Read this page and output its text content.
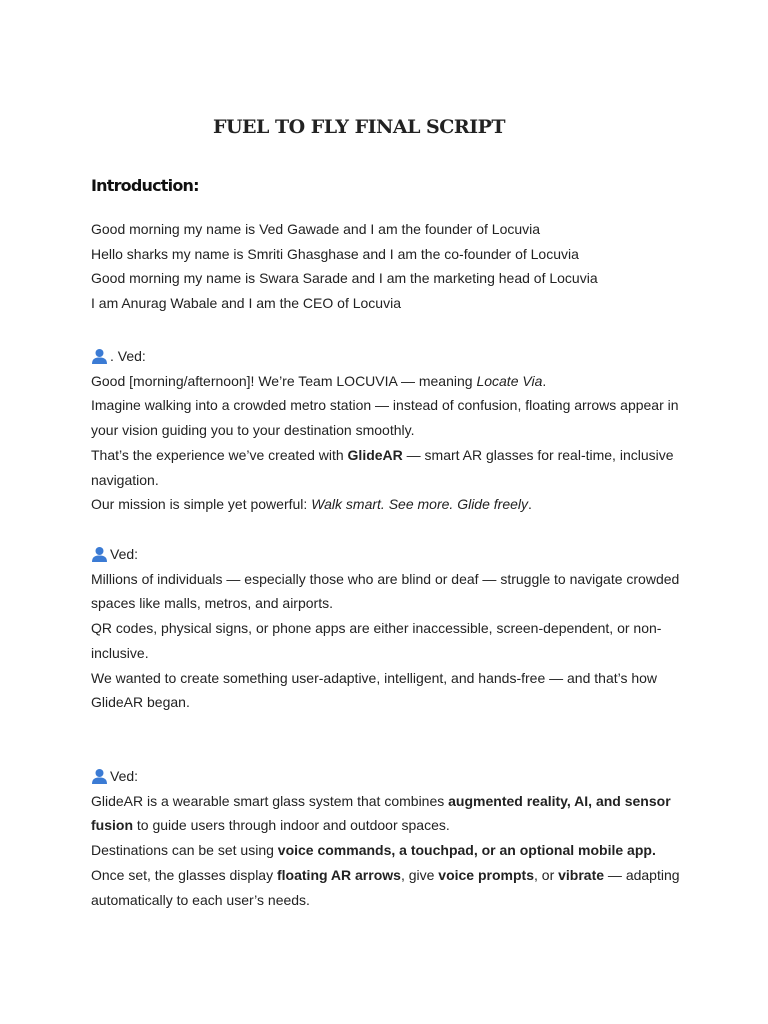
FUEL TO FLY FINAL SCRIPT
Introduction:
Good morning my name is Ved Gawade and I am the founder of Locuvia
Hello sharks my name is Smriti Ghasghase and I am the co-founder of Locuvia
Good morning my name is Swara Sarade and I am the marketing head of Locuvia
I am Anurag Wabale and I am the CEO of Locuvia
. Ved:
Good [morning/afternoon]! We’re Team LOCUVIA — meaning Locate Via.
Imagine walking into a crowded metro station — instead of confusion, floating arrows appear in your vision guiding you to your destination smoothly.
That’s the experience we’ve created with GlideAR — smart AR glasses for real-time, inclusive navigation.
Our mission is simple yet powerful: Walk smart. See more. Glide freely.
Ved:
Millions of individuals — especially those who are blind or deaf — struggle to navigate crowded spaces like malls, metros, and airports.
QR codes, physical signs, or phone apps are either inaccessible, screen-dependent, or non-inclusive.
We wanted to create something user-adaptive, intelligent, and hands-free — and that’s how GlideAR began.
Ved:
GlideAR is a wearable smart glass system that combines augmented reality, AI, and sensor fusion to guide users through indoor and outdoor spaces.
Destinations can be set using voice commands, a touchpad, or an optional mobile app.
Once set, the glasses display floating AR arrows, give voice prompts, or vibrate — adapting automatically to each user’s needs.
